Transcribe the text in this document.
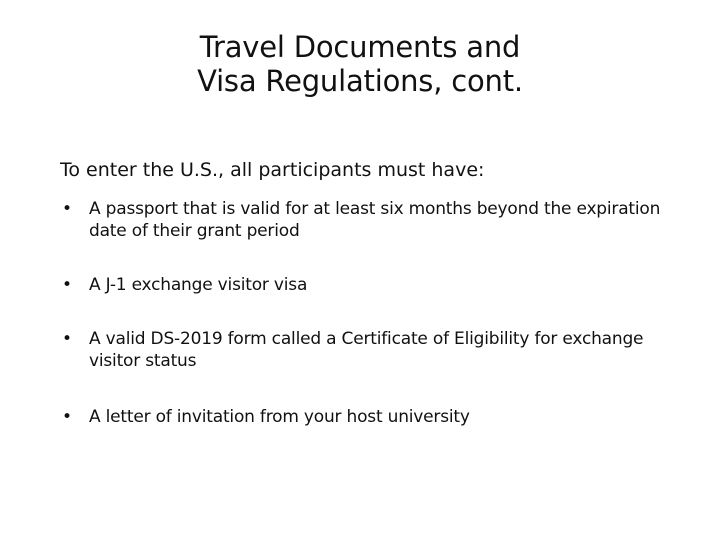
Travel Documents and
Visa Regulations, cont.
To enter the U.S., all participants must have:
• A passport that is valid for at least six months beyond the expiration date of their grant period
• A J-1 exchange visitor visa
• A valid DS-2019 form called a Certificate of Eligibility for exchange visitor status
• A letter of invitation from your host university
